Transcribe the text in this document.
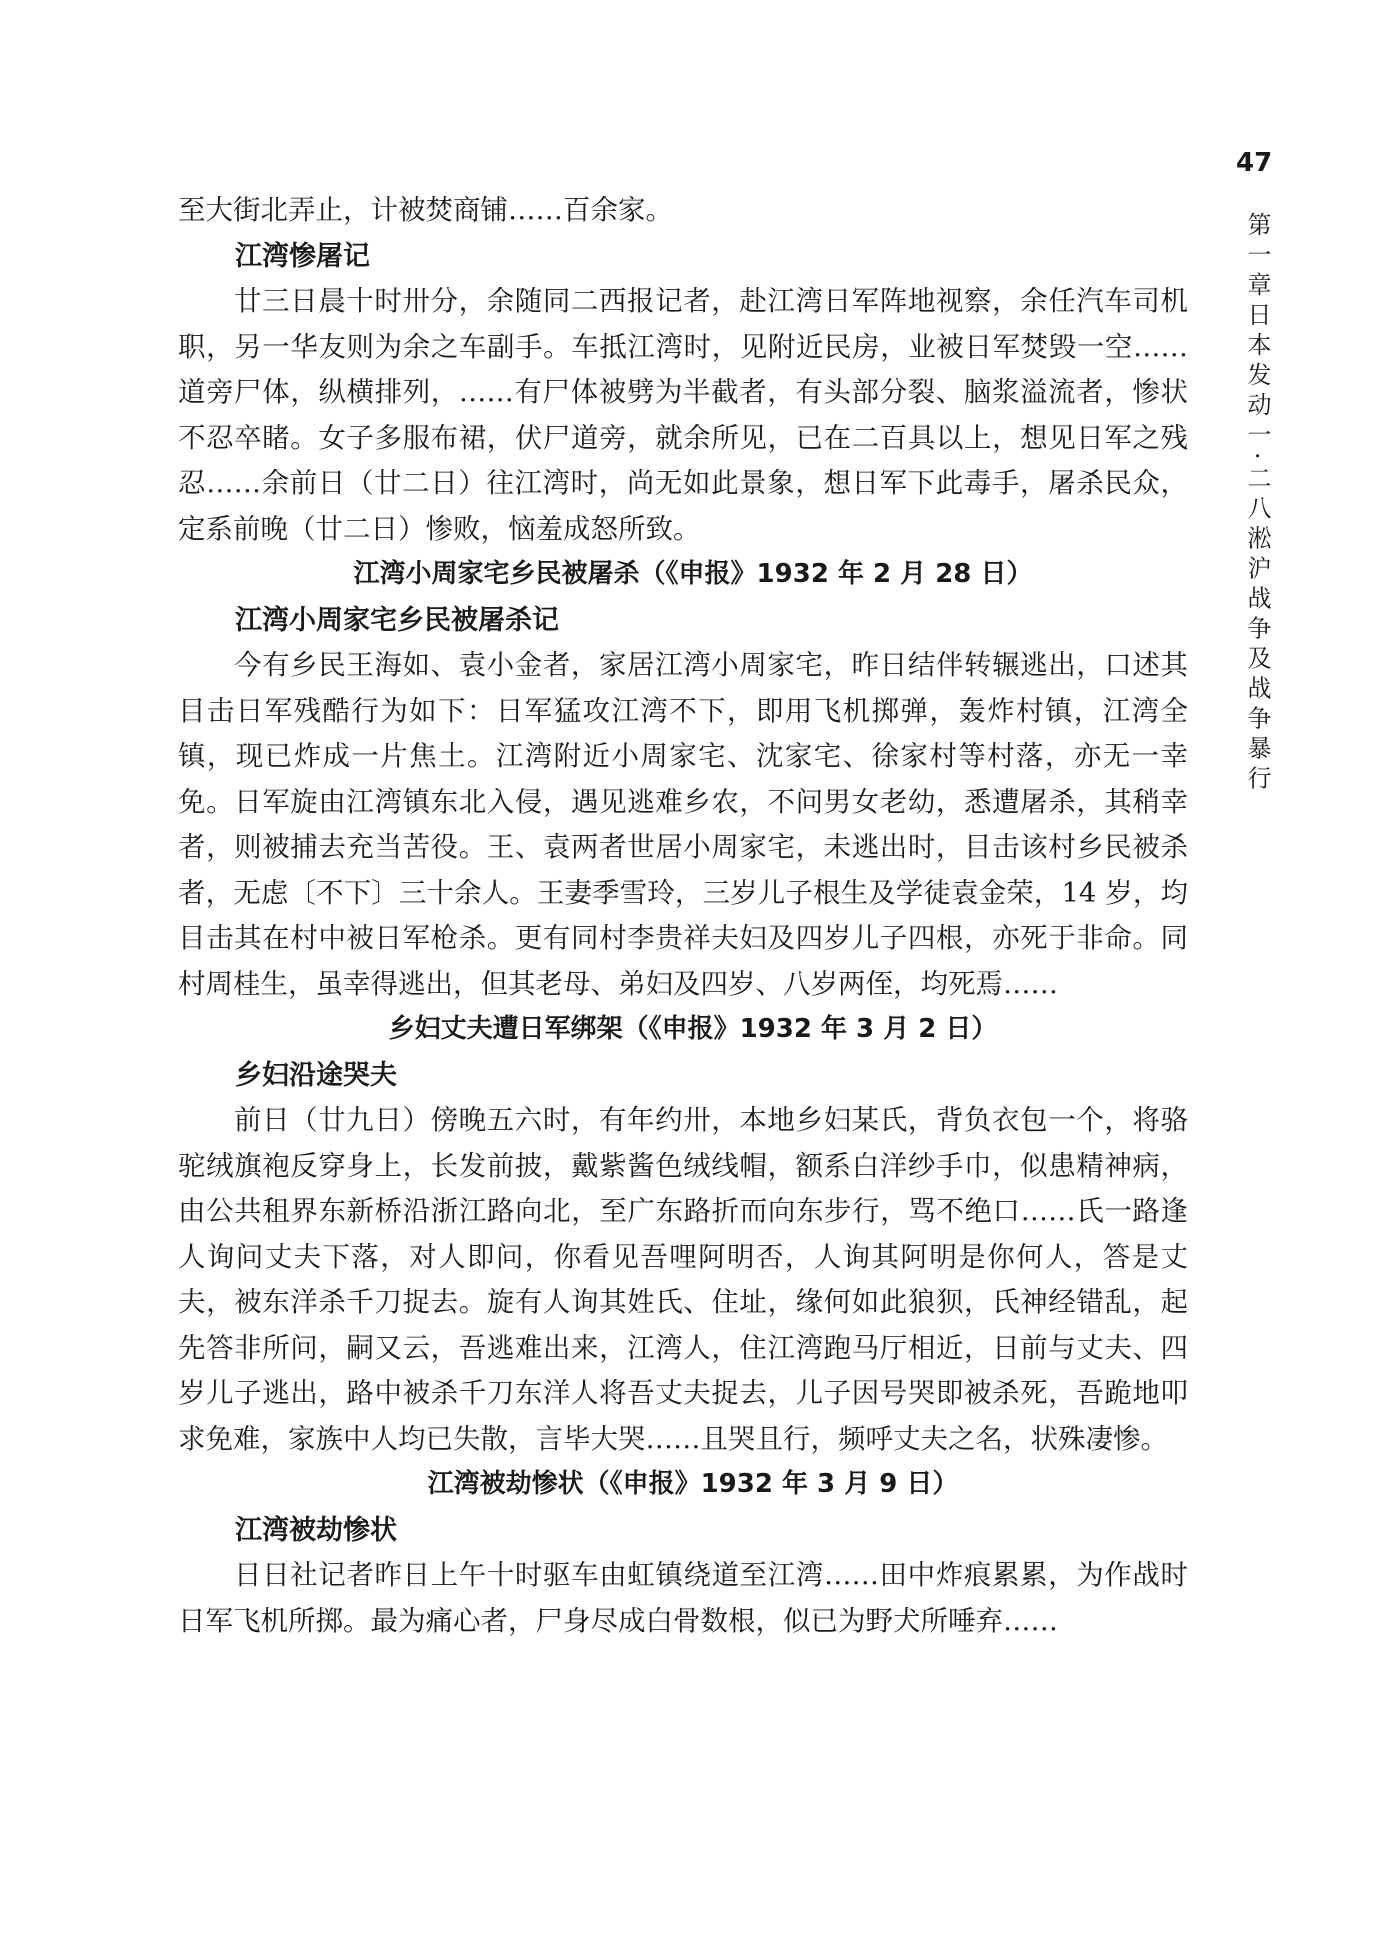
47
第一章日本发动一·二八淞沪战争及战争暴行

至大街北弄止，计被焚商铺……百余家。

江湾惨屠记

廿三日晨十时卅分，余随同二西报记者，赴江湾日军阵地视察，余任汽车司机职，另一华友则为余之车副手。车抵江湾时，见附近民房，业被日军焚毁一空……道旁尸体，纵横排列，……有尸体被劈为半截者，有头部分裂、脑浆溢流者，惨状不忍卒睹。女子多服布裙，伏尸道旁，就余所见，已在二百具以上，想见日军之残忍……余前日（廿二日）往江湾时，尚无如此景象，想日军下此毒手，屠杀民众，定系前晚（廿二日）惨败，恼羞成怒所致。

江湾小周家宅乡民被屠杀（《申报》1932 年 2 月 28 日）

江湾小周家宅乡民被屠杀记

今有乡民王海如、袁小金者，家居江湾小周家宅，昨日结伴转辗逃出，口述其目击日军残酷行为如下：日军猛攻江湾不下，即用飞机掷弹，轰炸村镇，江湾全镇，现已炸成一片焦土。江湾附近小周家宅、沈家宅、徐家村等村落，亦无一幸免。日军旋由江湾镇东北入侵，遇见逃难乡农，不问男女老幼，悉遭屠杀，其稍幸者，则被捕去充当苦役。王、袁两者世居小周家宅，未逃出时，目击该村乡民被杀者，无虑〔不下〕三十余人。王妻季雪玲，三岁儿子根生及学徒袁金荣，14 岁，均目击其在村中被日军枪杀。更有同村李贵祥夫妇及四岁儿子四根，亦死于非命。同村周桂生，虽幸得逃出，但其老母、弟妇及四岁、八岁两侄，均死焉……

乡妇丈夫遭日军绑架（《申报》1932 年 3 月 2 日）

乡妇沿途哭夫

前日（廿九日）傍晚五六时，有年约卅，本地乡妇某氏，背负衣包一个，将骆驼绒旗袍反穿身上，长发前披，戴紫酱色绒线帽，额系白洋纱手巾，似患精神病，由公共租界东新桥沿浙江路向北，至广东路折而向东步行，骂不绝口……氏一路逢人询问丈夫下落，对人即问，你看见吾哩阿明否，人询其阿明是你何人，答是丈夫，被东洋杀千刀捉去。旋有人询其姓氏、住址，缘何如此狼狈，氏神经错乱，起先答非所问，嗣又云，吾逃难出来，江湾人，住江湾跑马厅相近，日前与丈夫、四岁儿子逃出，路中被杀千刀东洋人将吾丈夫捉去，儿子因号哭即被杀死，吾跪地叩求免难，家族中人均已失散，言毕大哭……且哭且行，频呼丈夫之名，状殊凄惨。

江湾被劫惨状（《申报》1932 年 3 月 9 日）

江湾被劫惨状

日日社记者昨日上午十时驱车由虹镇绕道至江湾……田中炸痕累累，为作战时日军飞机所掷。最为痛心者，尸身尽成白骨数根，似已为野犬所唾弃……
